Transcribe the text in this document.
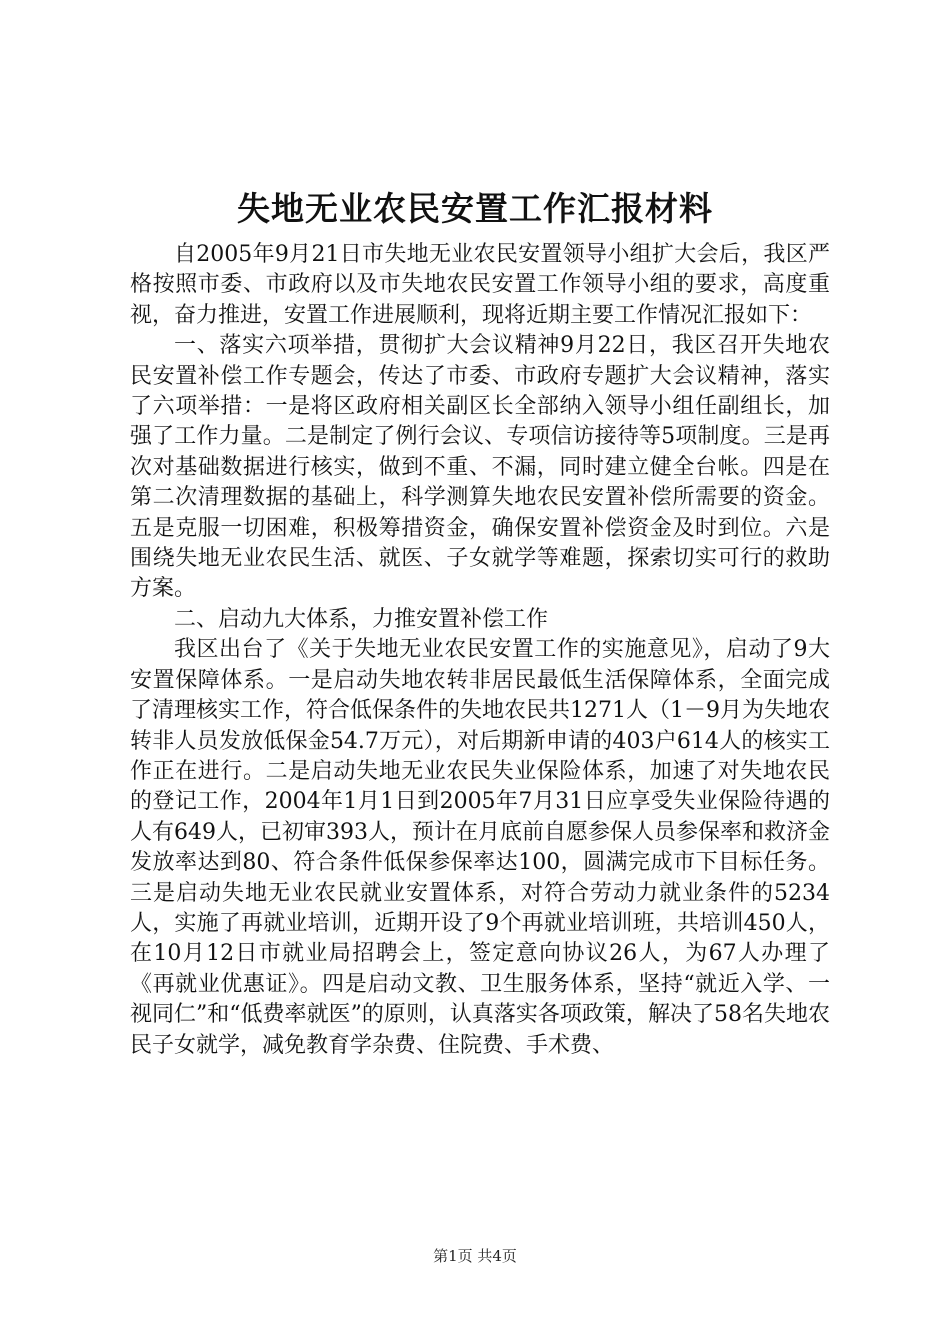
失地无业农民安置工作汇报材料

自2005年9月21日市失地无业农民安置领导小组扩大会后，我区严格按照市委、市政府以及市失地农民安置工作领导小组的要求，高度重视，奋力推进，安置工作进展顺利，现将近期主要工作情况汇报如下：

一、落实六项举措，贯彻扩大会议精神9月22日，我区召开失地农民安置补偿工作专题会，传达了市委、市政府专题扩大会议精神，落实了六项举措：一是将区政府相关副区长全部纳入领导小组任副组长，加强了工作力量。二是制定了例行会议、专项信访接待等5项制度。三是再次对基础数据进行核实，做到不重、不漏，同时建立健全台帐。四是在第二次清理数据的基础上，科学测算失地农民安置补偿所需要的资金。五是克服一切困难，积极筹措资金，确保安置补偿资金及时到位。六是围绕失地无业农民生活、就医、子女就学等难题，探索切实可行的救助方案。

二、启动九大体系，力推安置补偿工作

我区出台了《关于失地无业农民安置工作的实施意见》，启动了9大安置保障体系。一是启动失地农转非居民最低生活保障体系，全面完成了清理核实工作，符合低保条件的失地农民共1271人（1－9月为失地农转非人员发放低保金54.7万元），对后期新申请的403户614人的核实工作正在进行。二是启动失地无业农民失业保险体系，加速了对失地农民的登记工作，2004年1月1日到2005年7月31日应享受失业保险待遇的人有649人，已初审393人，预计在月底前自愿参保人员参保率和救济金发放率达到80、符合条件低保参保率达100，圆满完成市下目标任务。三是启动失地无业农民就业安置体系，对符合劳动力就业条件的5234人，实施了再就业培训，近期开设了9个再就业培训班，共培训450人，在10月12日市就业局招聘会上，签定意向协议26人，为67人办理了《再就业优惠证》。四是启动文教、卫生服务体系，坚持“就近入学、一视同仁”和“低费率就医”的原则，认真落实各项政策，解决了58名失地农民子女就学，减免教育学杂费、住院费、手术费、

第1页 共4页
